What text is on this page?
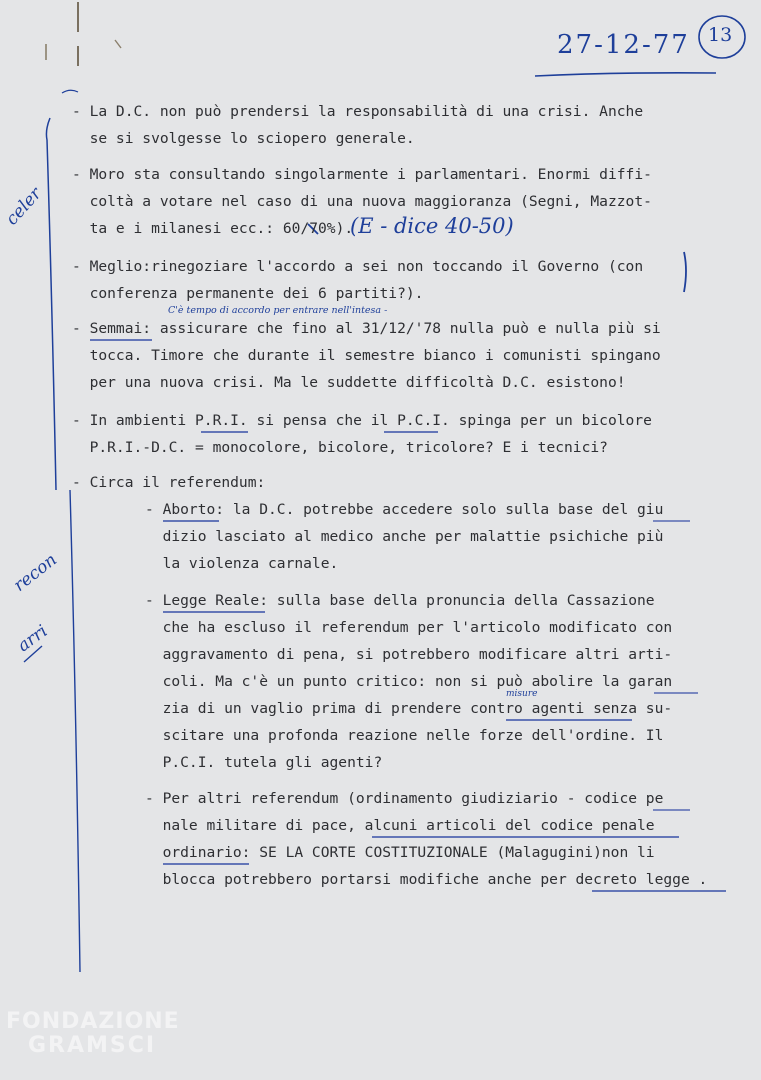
27-12-77 13
- La D.C. non può prendersi la responsabilità di una crisi. Anche
se si svolgesse lo sciopero generale.
- Moro sta consultando singolarmente i parlamentari. Enormi diffi-
coltà a votare nel caso di una nuova maggioranza (Segni, Mazzot-
ta e i milanesi ecc.: 60/70%).
- Meglio:rinegoziare l'accordo a sei non toccando il Governo (con
conferenza permanente dei 6 partiti?).
- Semmai: assicurare che fino al 31/12/'78 nulla può e nulla più si
tocca. Timore che durante il semestre bianco i comunisti spingano
per una nuova crisi. Ma le suddette difficoltà D.C. esistono!
- In ambienti P.R.I. si pensa che il P.C.I. spinga per un bicolore
P.R.I.-D.C. = monocolore, bicolore, tricolore? E i tecnici?
- Circa il referendum:
- Aborto: la D.C. potrebbe accedere solo sulla base del giu
dizio lasciato al medico anche per malattie psichiche più
la violenza carnale.
- Legge Reale: sulla base della pronuncia della Cassazione
che ha escluso il referendum per l'articolo modificato con
aggravamento di pena, si potrebbero modificare altri arti-
coli. Ma c'è un punto critico: non si può abolire la garan
zia di un vaglio prima di prendere contro agenti senza su-
scitare una profonda reazione nelle forze dell'ordine. Il
P.C.I. tutela gli agenti?
- Per altri referendum (ordinamento giudiziario - codice pe
nale militare di pace, alcuni articoli del codice penale
ordinario: SE LA CORTE COSTITUZIONALE (Malagugini)non li
blocca potrebbero portarsi modifiche anche per decreto legge .
(E - dice 40-50)
C'è tempo di accordo per entrare nell'intesa -
celer
recon
arri
misure
FONDAZIONE
GRAMSCI
